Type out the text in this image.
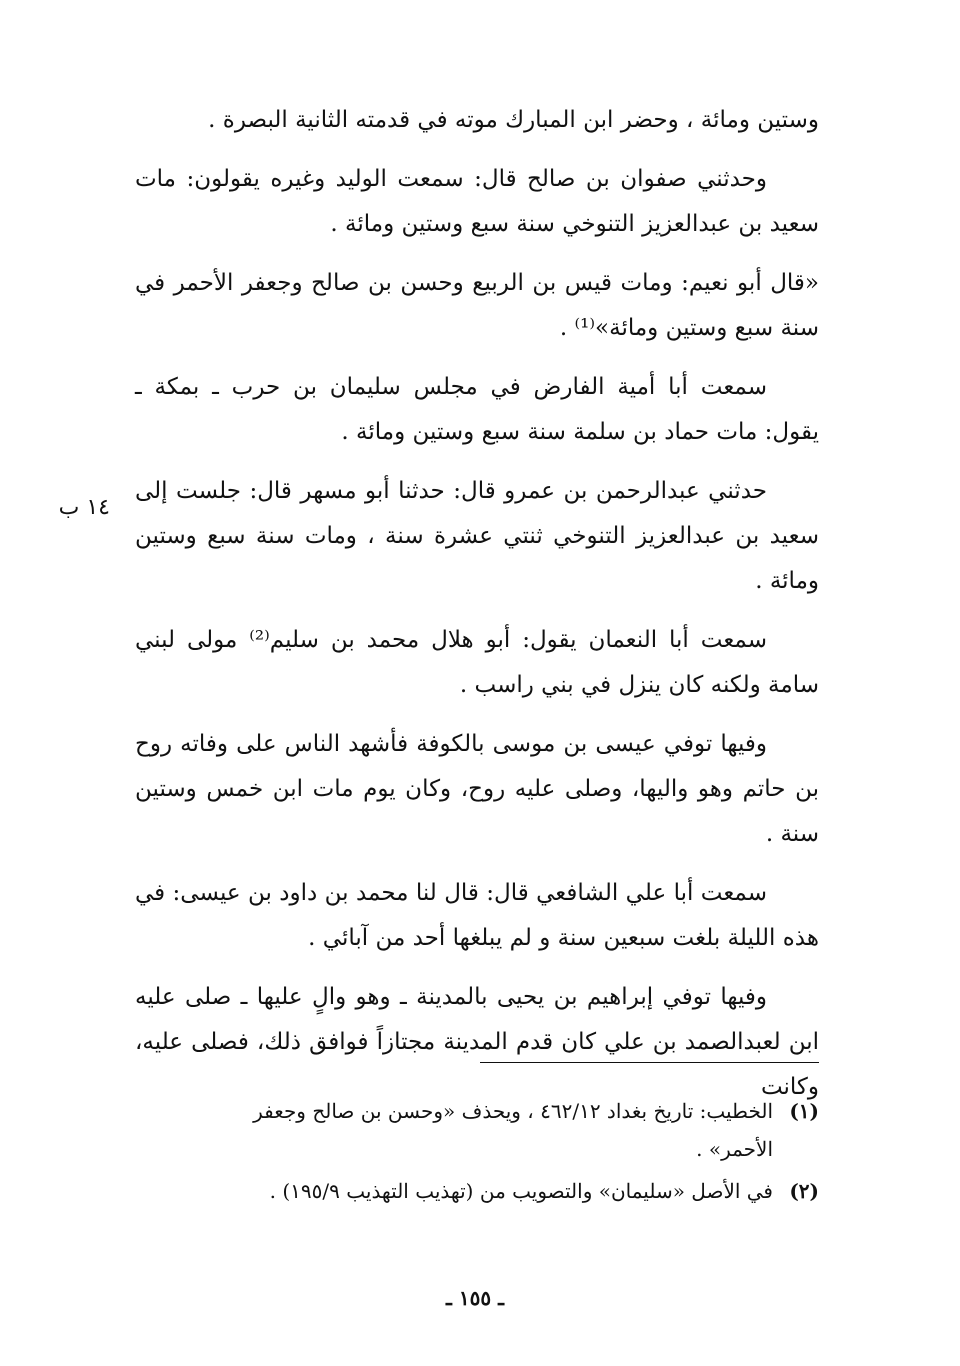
وستين ومائة ، وحضر ابن المبارك موته في قدمته الثانية البصرة .

وحدثني صفوان بن صالح قال: سمعت الوليد وغيره يقولون: مات سعيد بن عبدالعزيز التنوخي سنة سبع وستين ومائة .

«قال أبو نعيم: ومات قيس بن الربيع وحسن بن صالح وجعفر الأحمر في سنة سبع وستين ومائة»⁽¹⁾ .

سمعت أبا أمية الفارض في مجلس سليمان بن حرب ـ بمكة ـ يقول: مات حماد بن سلمة سنة سبع وستين ومائة .

حدثني عبدالرحمن بن عمرو قال: حدثنا أبو مسهر قال: جلست إلى سعيد بن عبدالعزيز التنوخي ثنتي عشرة سنة ، ومات سنة سبع وستين ومائة .

سمعت أبا النعمان يقول: أبو هلال محمد بن سليم⁽²⁾ مولى لبني سامة ولكنه كان ينزل في بني راسب .

وفيها توفي عيسى بن موسى بالكوفة فأشهد الناس على وفاته روح بن حاتم وهو واليها، وصلى عليه روح، وكان يوم مات ابن خمس وستين سنة .

سمعت أبا علي الشافعي قال: قال لنا محمد بن داود بن عيسى: في هذه الليلة بلغت سبعين سنة و لم يبلغها أحد من آبائي .

وفيها توفي إبراهيم بن يحيى بالمدينة ـ وهو والٍ عليها ـ صلى عليه ابن لعبدالصمد بن علي كان قدم المدينة مجتازاً فوافق ذلك، فصلى عليه، وكانت

١٤ ب

(١)
الخطيب: تاريخ بغداد ٤٦٢/١٢ ، ويحذف «وحسن بن صالح وجعفر الأحمر» .

(٢)
في الأصل «سليمان» والتصويب من (تهذيب التهذيب ١٩٥/٩) .

ـ ١٥٥ ـ
